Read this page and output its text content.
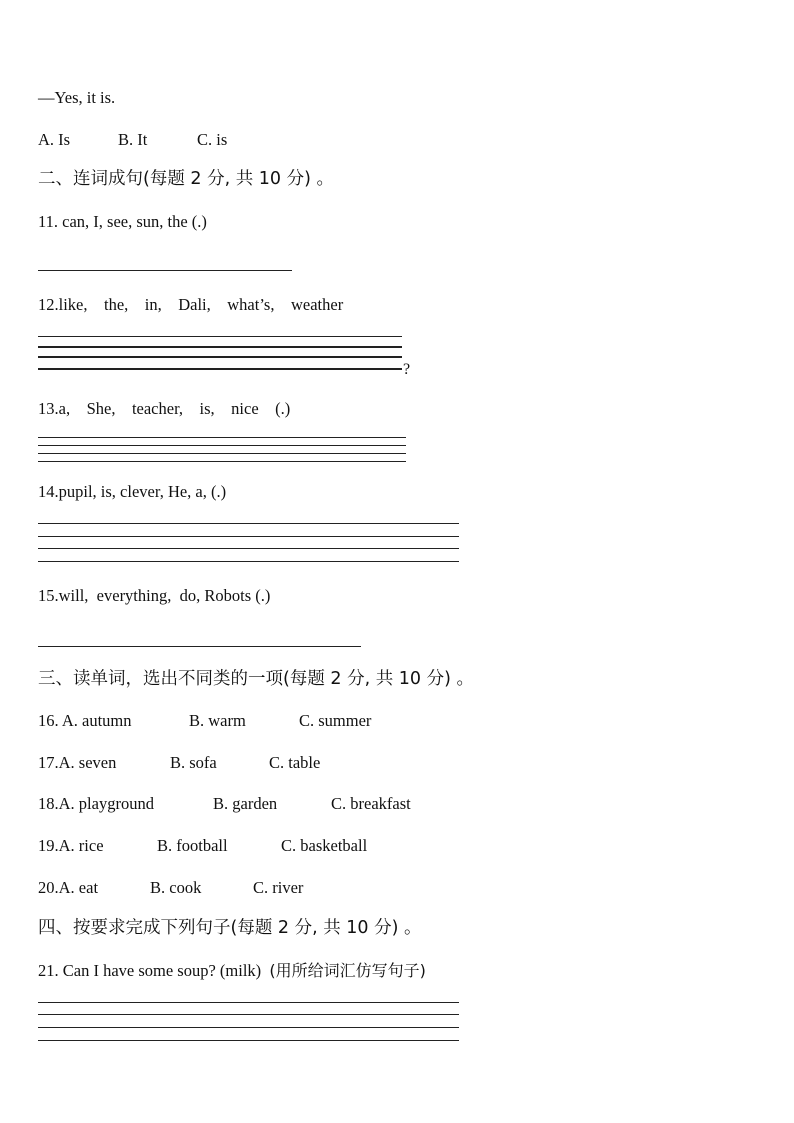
—Yes, it is.
A. Is	B. It	C. is
二、连词成句(每题 2 分, 共 10 分) 。
11. can, I, see, sun, the (.)
12.like,    the,    in,    Dali,    what’s,    weather
?
13.a,    She,    teacher,    is,    nice    (.)
14.pupil, is, clever, He, a, (.)
15.will,  everything,  do, Robots (.)
三、读单词，选出不同类的一项(每题 2 分, 共 10 分) 。
16. A. autumn	B. warm	C. summer
17.A. seven	B. sofa	C. table
18.A. playground	B. garden	C. breakfast
19.A. rice	B. football	C. basketball
20.A. eat	B. cook	C. river
四、按要求完成下列句子(每题 2 分, 共 10 分) 。
21. Can I have some soup? (milk)  (用所给词汇仿写句子)
